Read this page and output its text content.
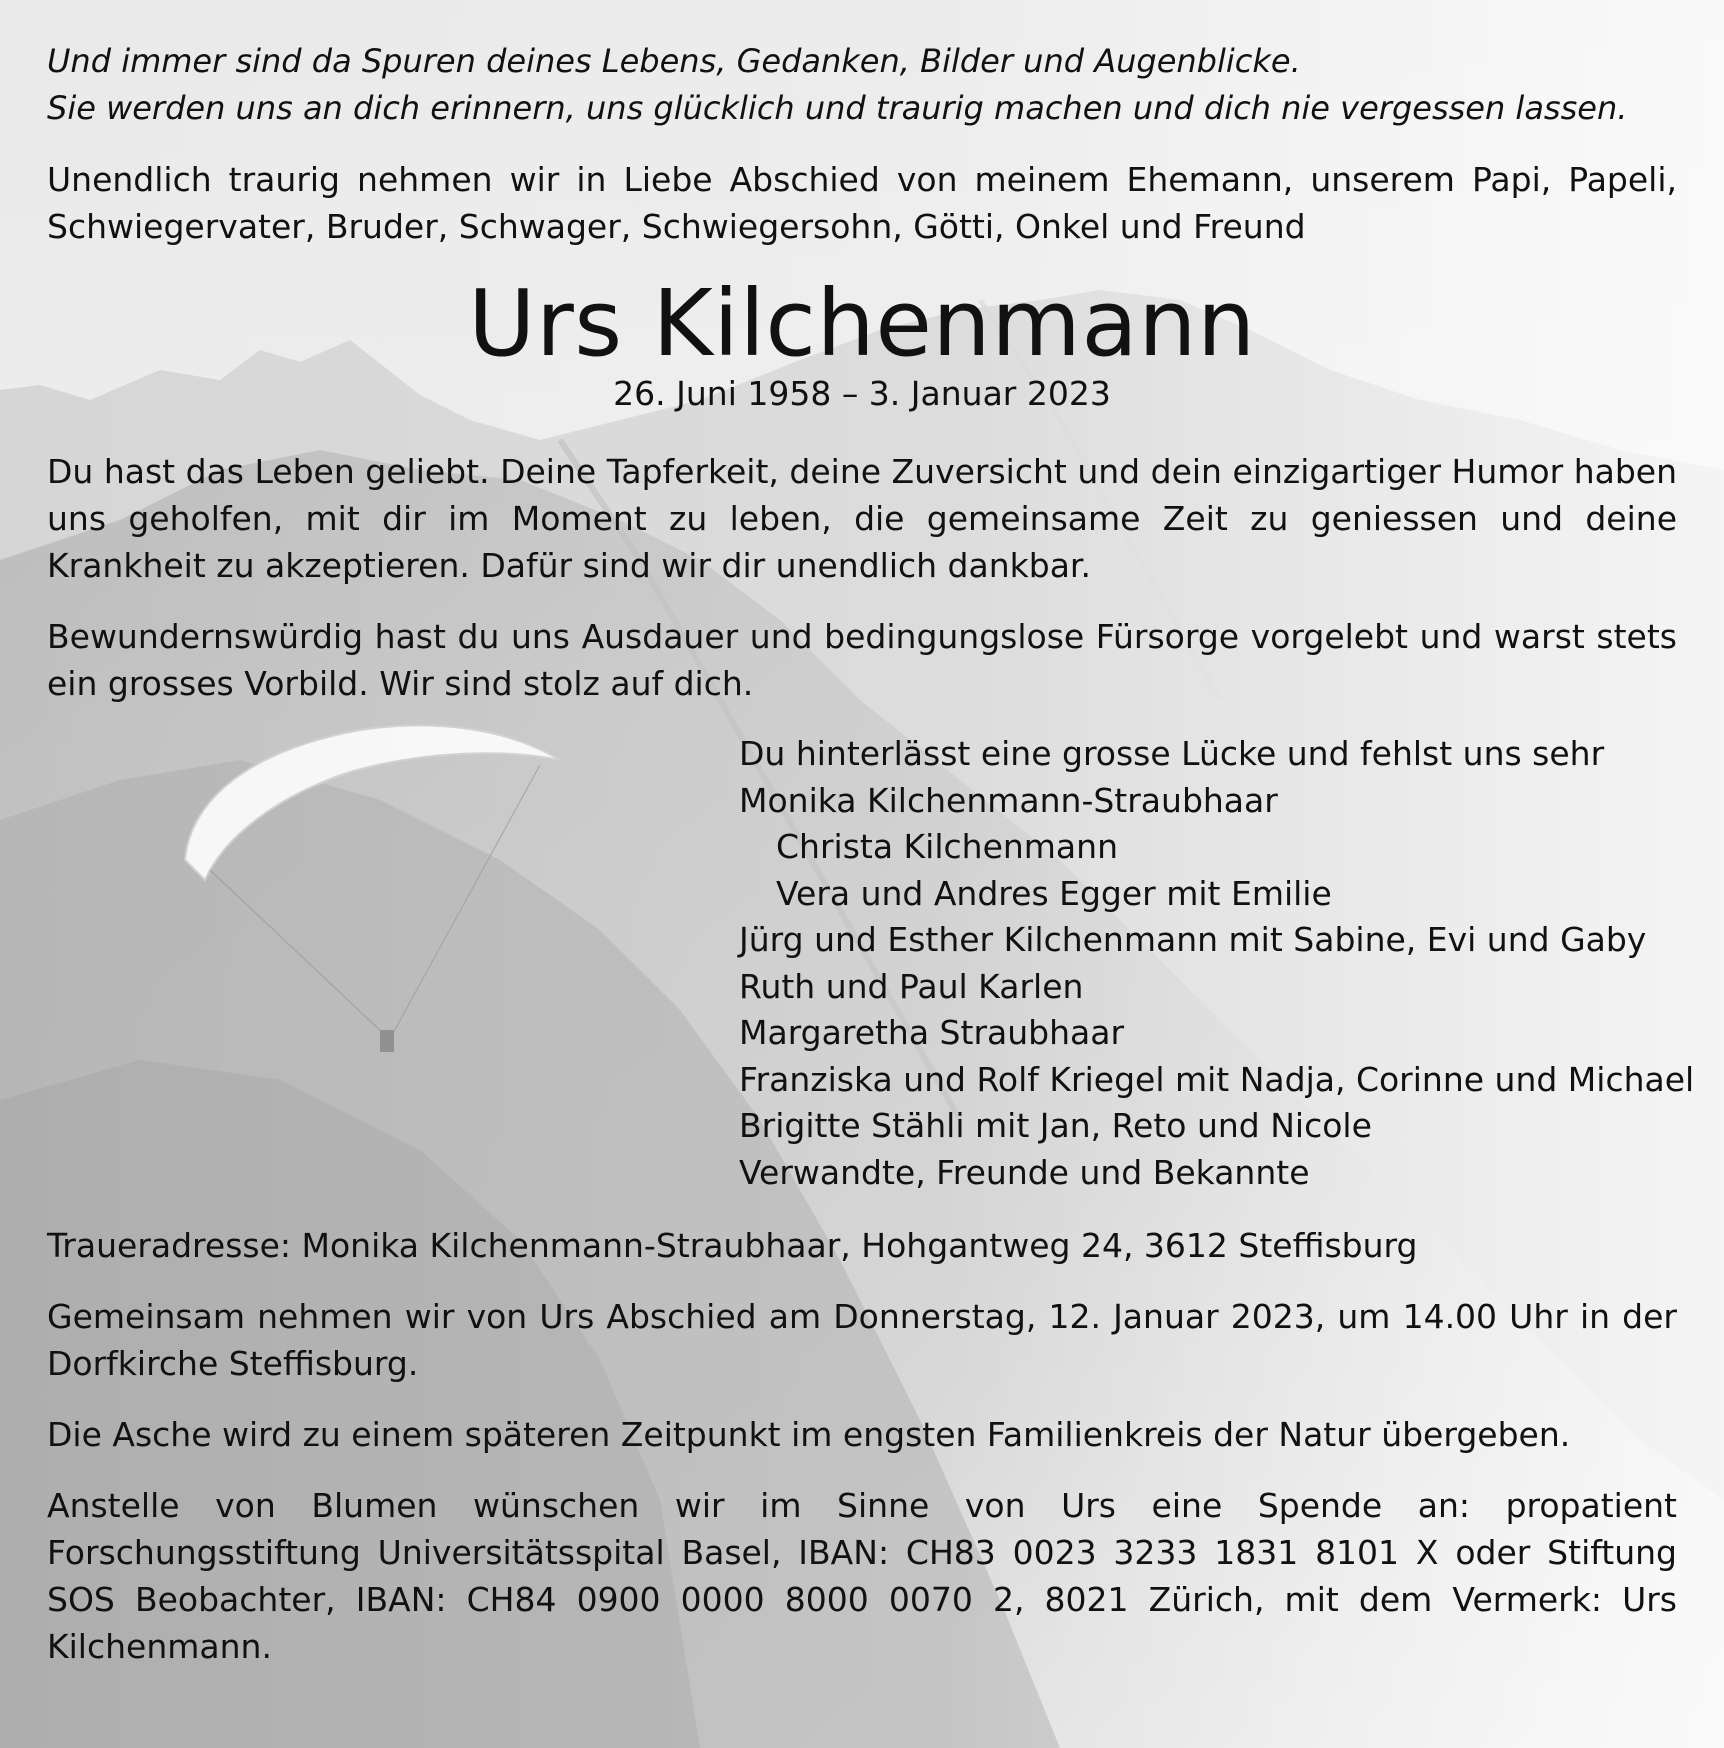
Und immer sind da Spuren deines Lebens, Gedanken, Bilder und Augenblicke.
Sie werden uns an dich erinnern, uns glücklich und traurig machen und dich nie vergessen lassen.
Unendlich traurig nehmen wir in Liebe Abschied von meinem Ehemann, unserem Papi, Papeli, Schwiegervater, Bruder, Schwager, Schwiegersohn, Götti, Onkel und Freund
Urs Kilchenmann
26. Juni 1958 – 3. Januar 2023
Du hast das Leben geliebt. Deine Tapferkeit, deine Zuversicht und dein einzigartiger Humor haben uns geholfen, mit dir im Moment zu leben, die gemeinsame Zeit zu geniessen und deine Krankheit zu akzeptieren. Dafür sind wir dir unendlich dankbar.
Bewundernswürdig hast du uns Ausdauer und bedingungslose Fürsorge vorgelebt und warst stets ein grosses Vorbild. Wir sind stolz auf dich.
Du hinterlässt eine grosse Lücke und fehlst uns sehr
Monika Kilchenmann-Straubhaar
Christa Kilchenmann
Vera und Andres Egger mit Emilie
Jürg und Esther Kilchenmann mit Sabine, Evi und Gaby
Ruth und Paul Karlen
Margaretha Straubhaar
Franziska und Rolf Kriegel mit Nadja, Corinne und Michael
Brigitte Stähli mit Jan, Reto und Nicole
Verwandte, Freunde und Bekannte
Traueradresse: Monika Kilchenmann-Straubhaar, Hohgantweg 24, 3612 Steffisburg
Gemeinsam nehmen wir von Urs Abschied am Donnerstag, 12. Januar 2023, um 14.00 Uhr in der Dorfkirche Steffisburg.
Die Asche wird zu einem späteren Zeitpunkt im engsten Familienkreis der Natur übergeben.
Anstelle von Blumen wünschen wir im Sinne von Urs eine Spende an: propatient Forschungsstiftung Universitätsspital Basel, IBAN: CH83 0023 3233 1831 8101 X oder Stiftung SOS Beobachter, IBAN: CH84 0900 0000 8000 0070 2, 8021 Zürich, mit dem Vermerk: Urs Kilchenmann.
